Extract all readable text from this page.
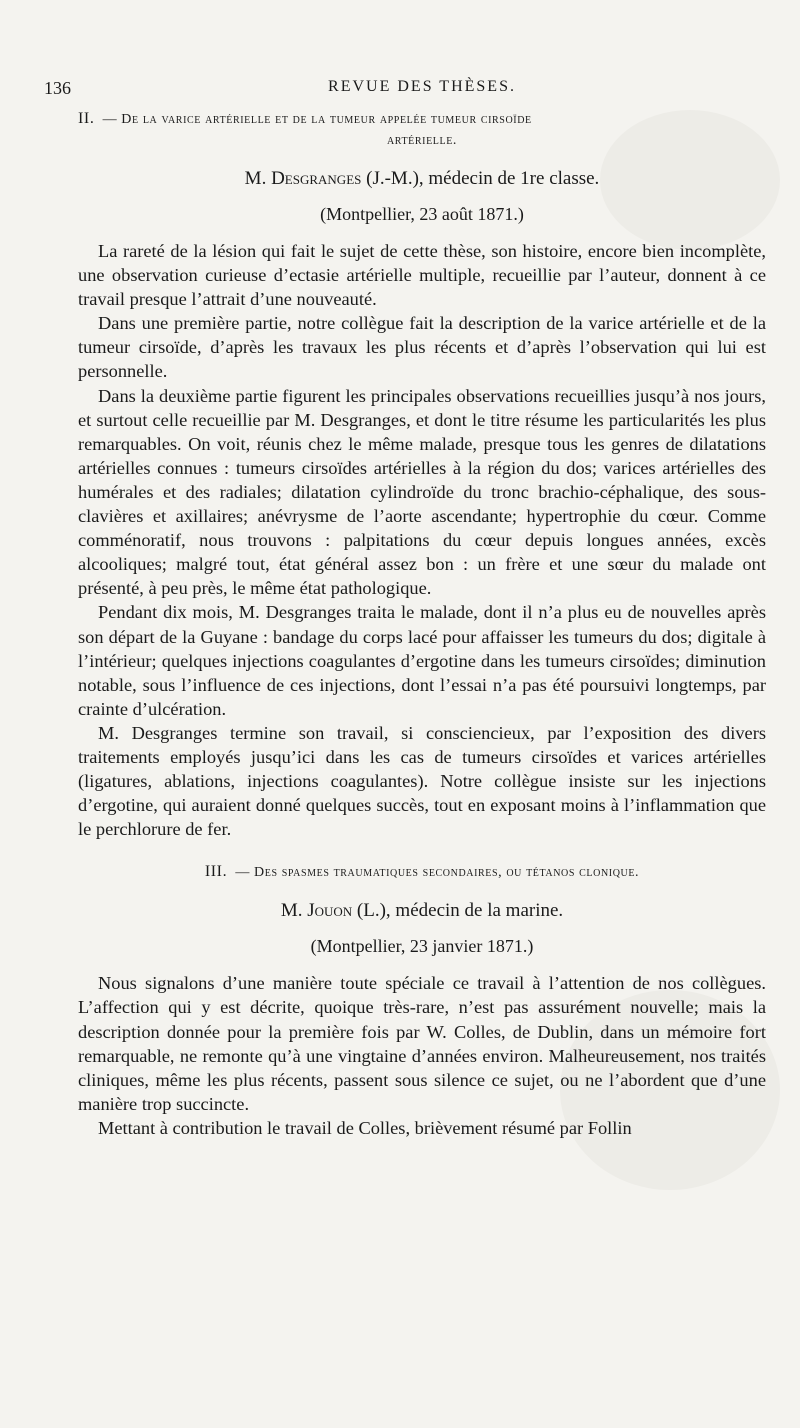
136	REVUE DES THÈSES.
II. — De la varice artérielle et de la tumeur appelée tumeur cirsoïde
artérielle.
M. Desgranges (J.-M.), médecin de 1re classe.
(Montpellier, 23 août 1871.)

La rareté de la lésion qui fait le sujet de cette thèse, son histoire, encore bien incomplète, une observation curieuse d’ectasie artérielle multiple, recueillie par l’auteur, donnent à ce travail presque l’attrait d’une nouveauté.

Dans une première partie, notre collègue fait la description de la varice artérielle et de la tumeur cirsoïde, d’après les travaux les plus récents et d’après l’observation qui lui est personnelle.

Dans la deuxième partie figurent les principales observations recueillies jusqu’à nos jours, et surtout celle recueillie par M. Desgranges, et dont le titre résume les particularités les plus remarquables. On voit, réunis chez le même malade, presque tous les genres de dilatations artérielles connues : tumeurs cirsoïdes artérielles à la région du dos; varices artérielles des humérales et des radiales; dilatation cylindroïde du tronc brachio-céphalique, des sous-clavières et axillaires; anévrysme de l’aorte ascendante; hypertrophie du cœur. Comme comménoratif, nous trouvons : palpitations du cœur depuis longues années, excès alcooliques; malgré tout, état général assez bon : un frère et une sœur du malade ont présenté, à peu près, le même état pathologique.

Pendant dix mois, M. Desgranges traita le malade, dont il n’a plus eu de nouvelles après son départ de la Guyane : bandage du corps lacé pour affaisser les tumeurs du dos; digitale à l’intérieur; quelques injections coagulantes d’ergotine dans les tumeurs cirsoïdes; diminution notable, sous l’influence de ces injections, dont l’essai n’a pas été poursuivi longtemps, par crainte d’ulcération.

M. Desgranges termine son travail, si consciencieux, par l’exposition des divers traitements employés jusqu’ici dans les cas de tumeurs cirsoïdes et varices artérielles (ligatures, ablations, injections coagulantes). Notre collègue insiste sur les injections d’ergotine, qui auraient donné quelques succès, tout en exposant moins à l’inflammation que le perchlorure de fer.

III. — Des spasmes traumatiques secondaires, ou tétanos clonique.
M. Jouon (L.), médecin de la marine.
(Montpellier, 23 janvier 1871.)

Nous signalons d’une manière toute spéciale ce travail à l’attention de nos collègues. L’affection qui y est décrite, quoique très-rare, n’est pas assurément nouvelle; mais la description donnée pour la première fois par W. Colles, de Dublin, dans un mémoire fort remarquable, ne remonte qu’à une vingtaine d’années environ. Malheureusement, nos traités cliniques, même les plus récents, passent sous silence ce sujet, ou ne l’abordent que d’une manière trop succincte.

Mettant à contribution le travail de Colles, brièvement résumé par Follin
